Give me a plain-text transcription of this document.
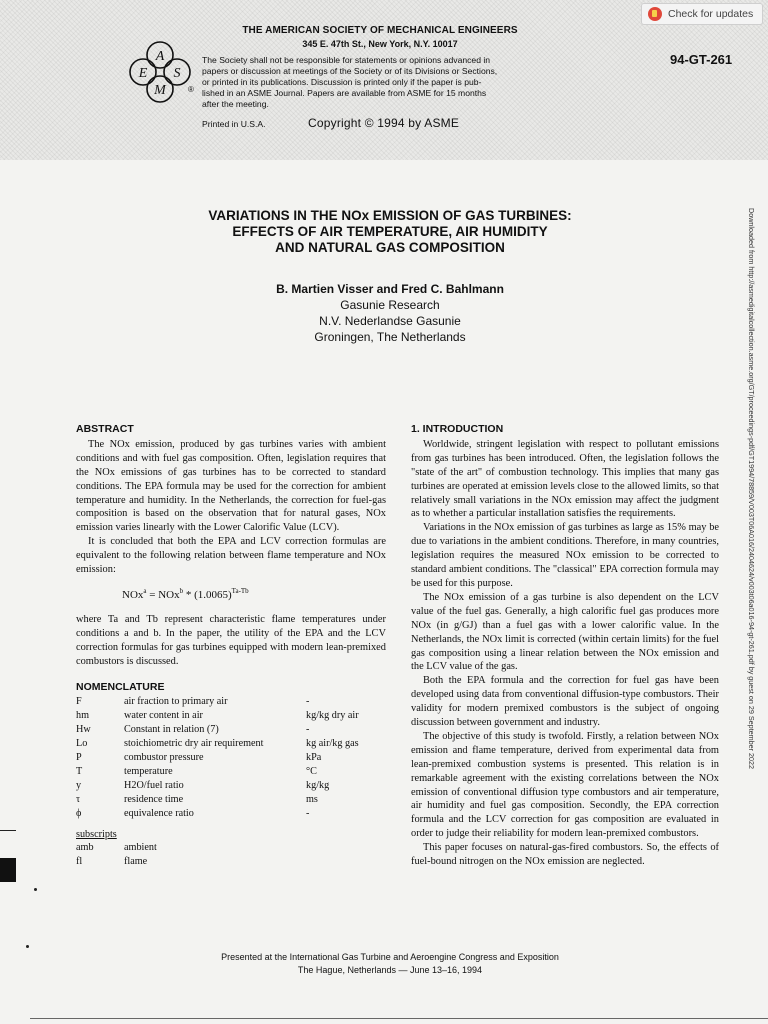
A
E S
M	®
THE AMERICAN SOCIETY OF MECHANICAL ENGINEERS
345 E. 47th St., New York, N.Y. 10017
The Society shall not be responsible for statements or opinions advanced in
papers or discussion at meetings of the Society or of its Divisions or Sections,
or printed in its publications. Discussion is printed only if the paper is pub-
lished in an ASME Journal. Papers are available from ASME for 15 months
after the meeting.
Printed in U.S.A.	Copyright © 1994 by ASME
94-GT-261
Check for updates
VARIATIONS IN THE NOx EMISSION OF GAS TURBINES:
EFFECTS OF AIR TEMPERATURE, AIR HUMIDITY
AND NATURAL GAS COMPOSITION
B. Martien Visser and Fred C. Bahlmann
Gasunie Research
N.V. Nederlandse Gasunie
Groningen, The Netherlands
ABSTRACT

The NOx emission, produced by gas turbines varies with ambient conditions and with fuel gas composition. Often, legislation requires that the NOx emissions of gas turbines has to be corrected to standard conditions. The EPA formula may be used for the correction for ambient temperature and humidity. In the Netherlands, the correction for fuel-gas composition is based on the observation that for natural gases, NOx emission varies linearly with the Lower Calorific Value (LCV).

It is concluded that both the EPA and LCV correction formulas are equivalent to the following relation between flame temperature and NOx emission:

$NOx^a = NOx^b * (1.0065)^{Ta-Tb}$

where Ta and Tb represent characteristic flame temperatures under conditions a and b. In the paper, the utility of the EPA and the LCV correction formulas for gas turbines equipped with modern lean-premixed combustors is discussed.

NOMENCLATURE
F	air fraction to primary air	-
hm	water content in air	kg/kg dry air
Hw	Constant in relation (7)	-
Lo	stoichiometric dry air requirement	kg air/kg gas
P	combustor pressure	kPa
T	temperature	°C
y	H2O/fuel ratio	kg/kg
τ	residence time	ms
ϕ	equivalence ratio	-
subscripts
amb	ambient
fl	flame
1. INTRODUCTION

Worldwide, stringent legislation with respect to pollutant emissions from gas turbines has been introduced. Often, the legislation follows the "state of the art" of combustion technology. This implies that many gas turbines are operated at emission levels close to the allowed limits, so that relatively small variations in the NOx emission may affect the judgment as to whether a particular installation satisfies the requirements.

Variations in the NOx emission of gas turbines as large as 15% may be due to variations in the ambient conditions. Therefore, in many countries, legislation requires the measured NOx emission to be corrected to standard ambient conditions. The "classical" EPA correction formula may be used for this purpose.

The NOx emission of a gas turbine is also dependent on the LCV value of the fuel gas. Generally, a high calorific fuel gas produces more NOx (in g/GJ) than a fuel gas with a lower calorific value. In the Netherlands, the NOx limit is corrected (within certain limits) for the fuel gas composition using a linear relation between the NOx emission and the LCV value of the gas.

Both the EPA formula and the correction for fuel gas have been developed using data from conventional diffusion-type combustors. Their validity for modern premixed combustors is the subject of ongoing discussion between government and industry.

The objective of this study is twofold. Firstly, a relation between NOx emission and flame temperature, derived from experimental data from lean-premixed combustion systems is presented. This relation is in remarkable agreement with the existing correlations between the NOx emission of conventional diffusion type combustors and air temperature, air humidity and fuel gas composition. Secondly, the EPA correction formula and the LCV correction for gas composition are evaluated in order to judge their reliability for modern lean-premixed combustors.

This paper focuses on natural-gas-fired combustors. So, the effects of fuel-bound nitrogen on the NOx emission are neglected.

Downloaded from http://asmedigitalcollection.asme.org/GT/proceedings-pdf/GT1994/78859/V003T06A016/2404624/v003t06a016-94-gt-261.pdf by guest on 29 September 2022
Presented at the International Gas Turbine and Aeroengine Congress and Exposition
The Hague, Netherlands — June 13–16, 1994
